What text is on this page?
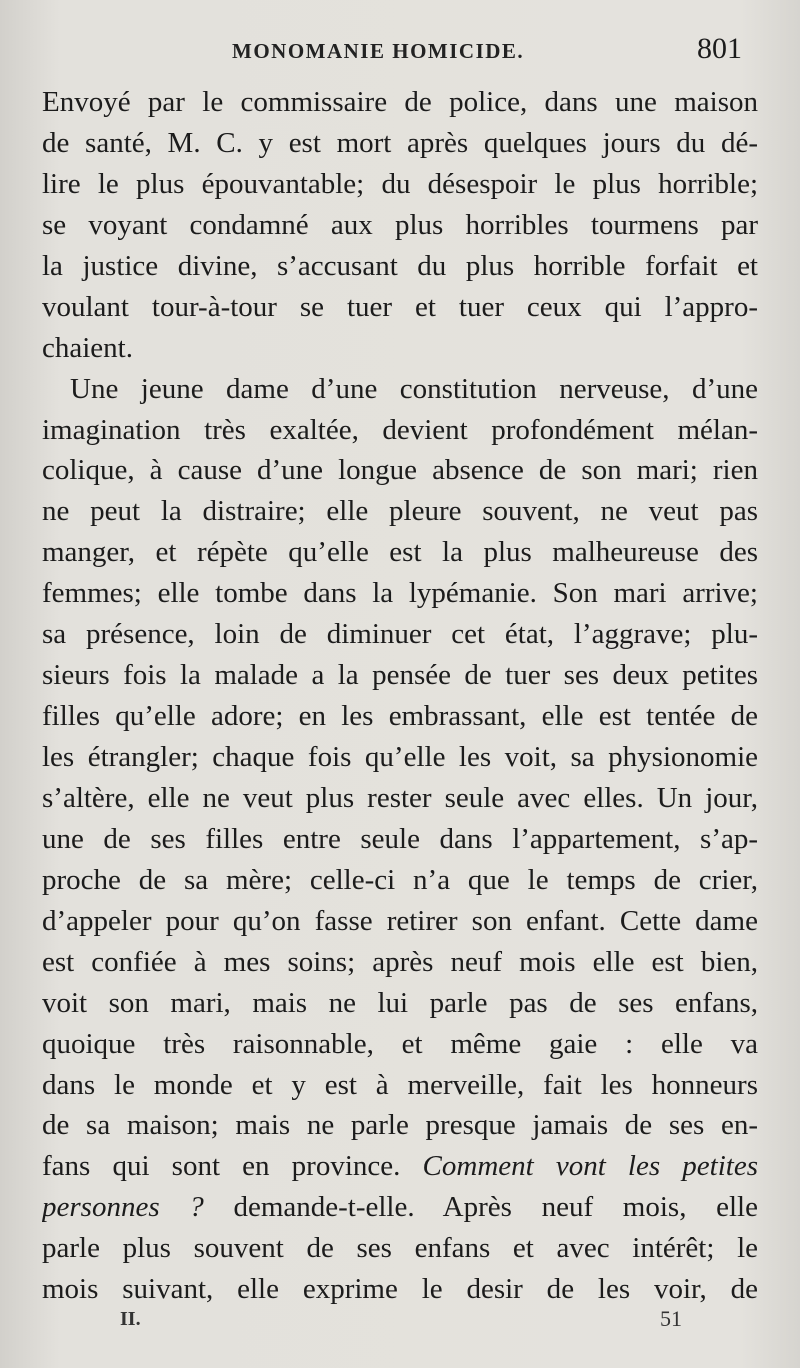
MONOMANIE HOMICIDE.	801
Envoyé par le commissaire de police, dans une maison
de santé, M. C. y est mort après quelques jours du dé-
lire le plus épouvantable; du désespoir le plus horrible;
se voyant condamné aux plus horribles tourmens par
la justice divine, s’accusant du plus horrible forfait et
voulant tour-à-tour se tuer et tuer ceux qui l’appro-
chaient.
Une jeune dame d’une constitution nerveuse, d’une
imagination très exaltée, devient profondément mélan-
colique, à cause d’une longue absence de son mari; rien
ne peut la distraire; elle pleure souvent, ne veut pas
manger, et répète qu’elle est la plus malheureuse des
femmes; elle tombe dans la lypémanie. Son mari arrive;
sa présence, loin de diminuer cet état, l’aggrave; plu-
sieurs fois la malade a la pensée de tuer ses deux petites
filles qu’elle adore; en les embrassant, elle est tentée de
les étrangler; chaque fois qu’elle les voit, sa physionomie
s’altère, elle ne veut plus rester seule avec elles. Un jour,
une de ses filles entre seule dans l’appartement, s’ap-
proche de sa mère; celle-ci n’a que le temps de crier,
d’appeler pour qu’on fasse retirer son enfant. Cette dame
est confiée à mes soins; après neuf mois elle est bien,
voit son mari, mais ne lui parle pas de ses enfans,
quoique très raisonnable, et même gaie : elle va
dans le monde et y est à merveille, fait les honneurs
de sa maison; mais ne parle presque jamais de ses en-
fans qui sont en province. Comment vont les petites
personnes ? demande-t-elle. Après neuf mois, elle
parle plus souvent de ses enfans et avec intérêt; le
mois suivant, elle exprime le desir de les voir, de
II.	51
